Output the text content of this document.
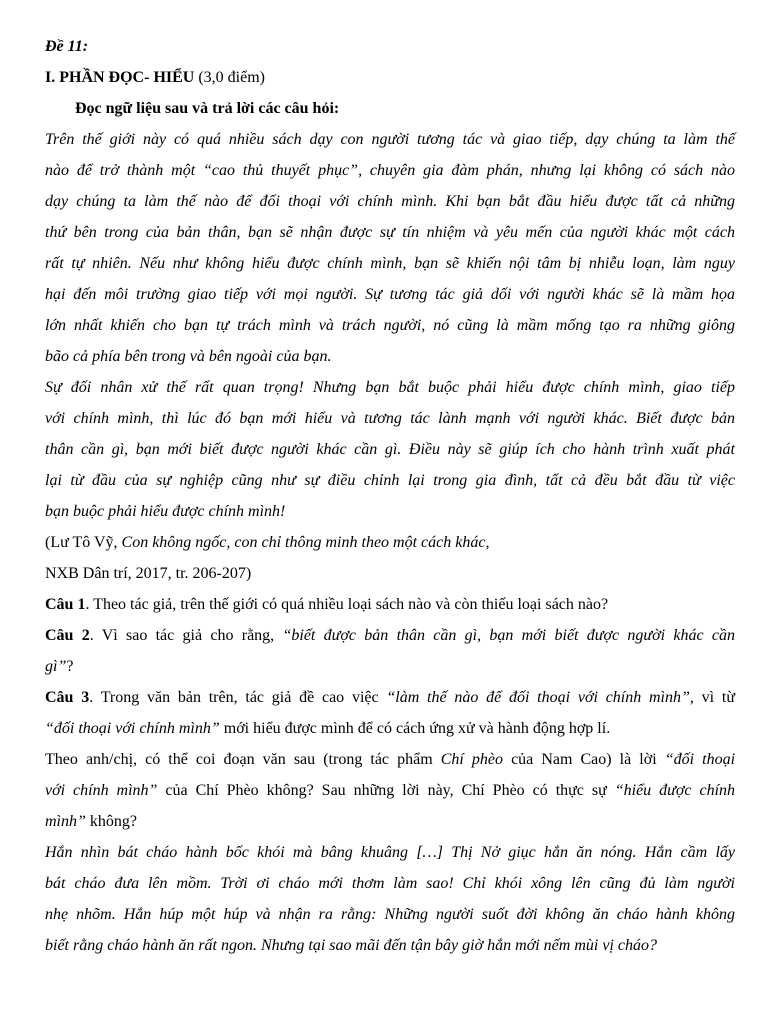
Đề 11:
I. PHẦN ĐỌC- HIỂU (3,0 điểm)
Đọc ngữ liệu sau và trả lời các câu hỏi:
Trên thế giới này có quá nhiều sách dạy con người tương tác và giao tiếp, dạy chúng ta làm thế
nào để trở thành một “cao thủ thuyết phục”, chuyên gia đàm phán, nhưng lại không có sách nào
dạy chúng ta làm thế nào để đối thoại với chính mình. Khi bạn bắt đầu hiểu được tất cả những
thứ bên trong của bản thân, bạn sẽ nhận được sự tín nhiệm và yêu mến của người khác một cách
rất tự nhiên. Nếu như không hiểu được chính mình, bạn sẽ khiến nội tâm bị nhiễu loạn, làm nguy
hại đến môi trường giao tiếp với mọi người. Sự tương tác giả dối với người khác sẽ là mầm họa
lớn nhất khiến cho bạn tự trách mình và trách người, nó cũng là mầm mống tạo ra những giông
bão cả phía bên trong và bên ngoài của bạn.
Sự đối nhân xử thế rất quan trọng! Nhưng bạn bắt buộc phải hiểu được chính mình, giao tiếp
với chính mình, thì lúc đó bạn mới hiểu và tương tác lành mạnh với người khác. Biết được bản
thân cần gì, bạn mới biết được người khác cần gì. Điều này sẽ giúp ích cho hành trình xuất phát
lại từ đầu của sự nghiệp cũng như sự điều chỉnh lại trong gia đình, tất cả đều bắt đầu từ việc
bạn buộc phải hiểu được chính mình!
(Lư Tô Vỹ, Con không ngốc, con chỉ thông minh theo một cách khác,
NXB Dân trí, 2017, tr. 206-207)
Câu 1. Theo tác giả, trên thế giới có quá nhiều loại sách nào và còn thiếu loại sách nào?
Câu 2. Vì sao tác giả cho rằng, “biết được bản thân cần gì, bạn mới biết được người khác cần
gì”?
Câu 3. Trong văn bản trên, tác giả đề cao việc “làm thế nào để đối thoại với chính mình”, vì từ
“đối thoại với chính mình” mới hiểu được mình để có cách ứng xử và hành động hợp lí.
Theo anh/chị, có thể coi đoạn văn sau (trong tác phẩm Chí phèo của Nam Cao) là lời “đối thoại
với chính mình” của Chí Phèo không? Sau những lời này, Chí Phèo có thực sự “hiểu được chính
mình” không?
Hắn nhìn bát cháo hành bốc khói mà bâng khuâng […] Thị Nở giục hắn ăn nóng. Hắn cầm lấy
bát cháo đưa lên mồm. Trời ơi cháo mới thơm làm sao! Chỉ khói xông lên cũng đủ làm người
nhẹ nhõm. Hắn húp một húp và nhận ra rằng: Những người suốt đời không ăn cháo hành không
biết rằng cháo hành ăn rất ngon. Nhưng tại sao mãi đến tận bây giờ hắn mới nếm mùi vị cháo?
